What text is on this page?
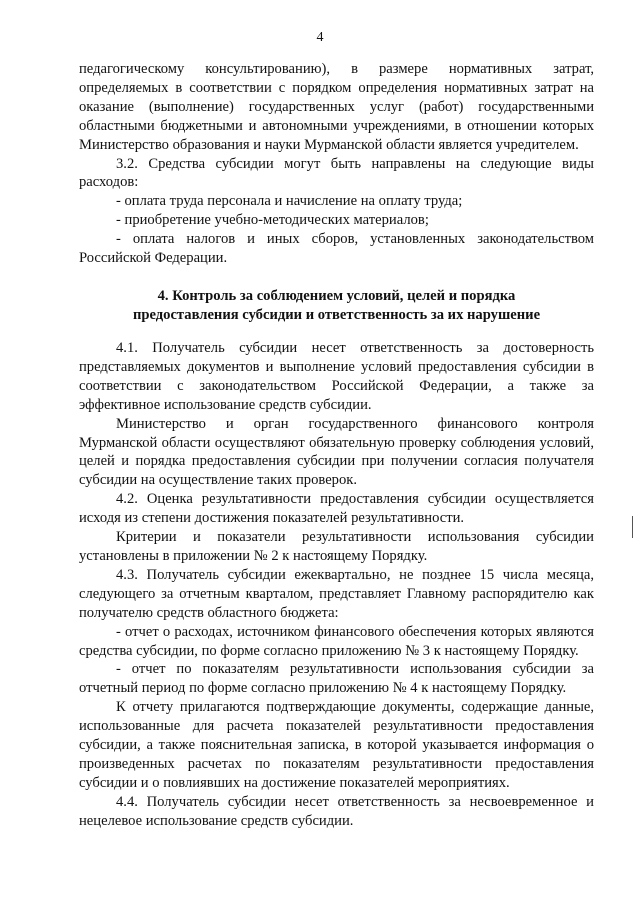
4

педагогическому консультированию), в размере нормативных затрат, определяемых в соответствии с порядком определения нормативных затрат на оказание (выполнение) государственных услуг (работ) государственными областными бюджетными и автономными учреждениями, в отношении которых Министерство образования и науки Мурманской области является учредителем.

3.2. Средства субсидии могут быть направлены на следующие виды расходов:

- оплата труда персонала и начисление на оплату труда;

- приобретение учебно-методических материалов;

- оплата налогов и иных сборов, установленных законодательством Российской Федерации.

4. Контроль за соблюдением условий, целей и порядка
предоставления субсидии и ответственность за их нарушение

4.1. Получатель субсидии несет ответственность за достоверность представляемых документов и выполнение условий предоставления субсидии в соответствии с законодательством Российской Федерации, а также за эффективное использование средств субсидии.

Министерство и орган государственного финансового контроля Мурманской области осуществляют обязательную проверку соблюдения условий, целей и порядка предоставления субсидии при получении согласия получателя субсидии на осуществление таких проверок.

4.2. Оценка результативности предоставления субсидии осуществляется исходя из степени достижения показателей результативности.

Критерии и показатели результативности использования субсидии установлены в приложении № 2 к настоящему Порядку.

4.3. Получатель субсидии ежеквартально, не позднее 15 числа месяца, следующего за отчетным кварталом, представляет Главному распорядителю как получателю средств областного бюджета:

- отчет о расходах, источником финансового обеспечения которых являются средства субсидии, по форме согласно приложению № 3 к настоящему Порядку.

- отчет по показателям результативности использования субсидии за отчетный период по форме согласно приложению № 4 к настоящему Порядку.

К отчету прилагаются подтверждающие документы, содержащие данные, использованные для расчета показателей результативности предоставления субсидии, а также пояснительная записка, в которой указывается информация о произведенных расчетах по показателям результативности предоставления субсидии и о повлиявших на достижение показателей мероприятиях.

4.4. Получатель субсидии несет ответственность за несвоевременное и нецелевое использование средств субсидии.
